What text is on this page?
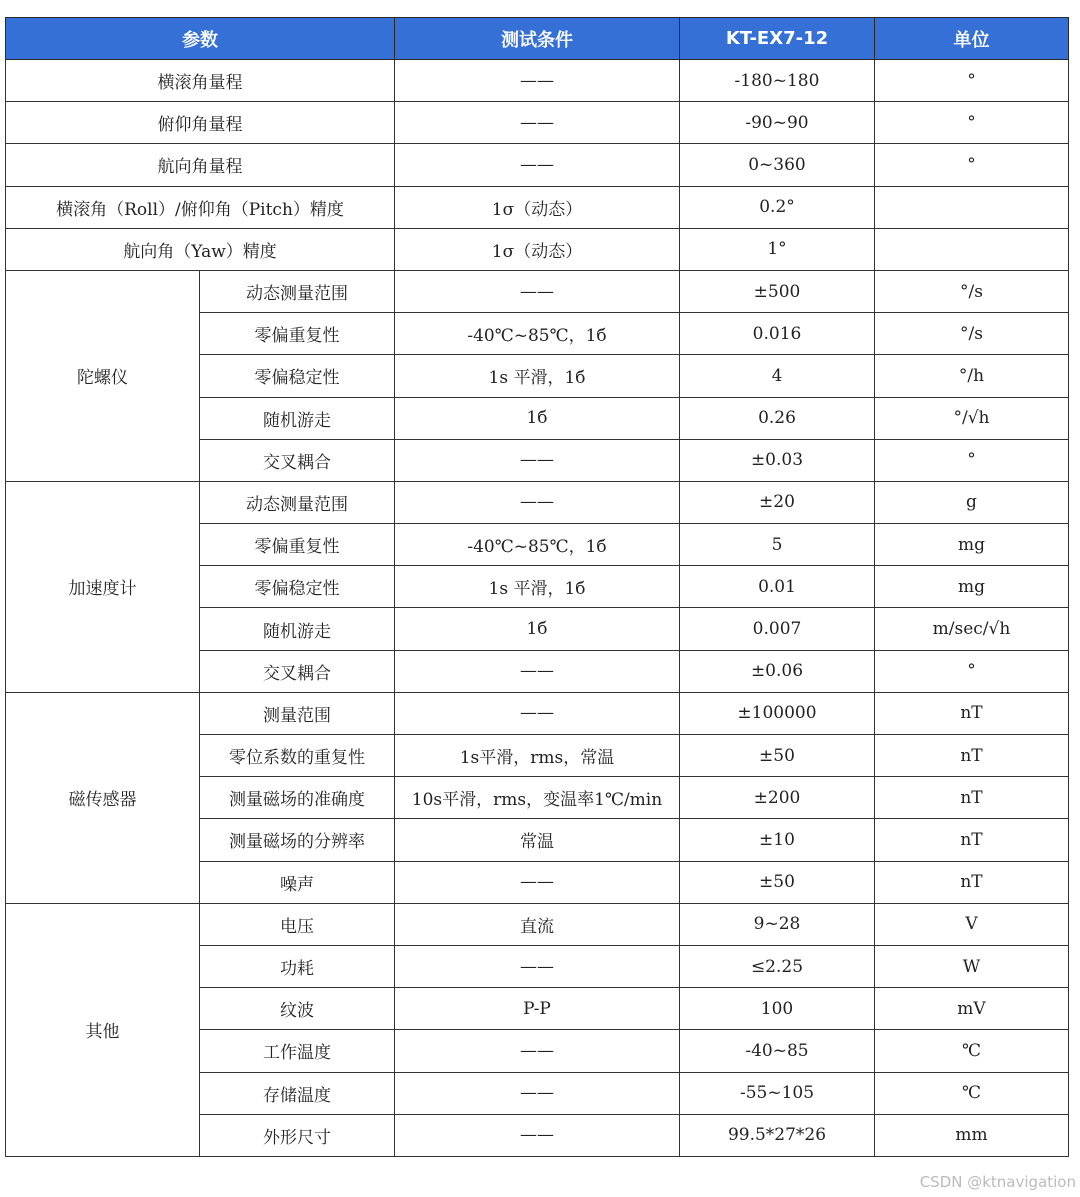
参数		测试条件	KT-EX7-12	单位
横滚角量程		——	-180~180	°
俯仰角量程		——	-90~90	°
航向角量程		——	0~360	°
横滚角（Roll）/俯仰角（Pitch）精度		1σ（动态）	0.2°	
航向角（Yaw）精度		1σ（动态）	1°	
陀螺仪	动态测量范围	——	±500	°/s
	零偏重复性	-40℃~85℃，1б	0.016	°/s
	零偏稳定性	1s 平滑，1б	4	°/h
	随机游走	1б	0.26	°/√h
	交叉耦合	——	±0.03	°
加速度计	动态测量范围	——	±20	g
	零偏重复性	-40℃~85℃，1б	5	mg
	零偏稳定性	1s 平滑，1б	0.01	mg
	随机游走	1б	0.007	m/sec/√h
	交叉耦合	——	±0.06	°
磁传感器	测量范围	——	±100000	nT
	零位系数的重复性	1s平滑，rms，常温	±50	nT
	测量磁场的准确度	10s平滑，rms，变温率1℃/min	±200	nT
	测量磁场的分辨率	常温	±10	nT
	噪声	——	±50	nT
其他	电压	直流	9~28	V
	功耗	——	≤2.25	W
	纹波	P-P	100	mV
	工作温度	——	-40~85	℃
	存储温度	——	-55~105	℃
	外形尺寸	——	99.5*27*26	mm
CSDN @ktnavigation
